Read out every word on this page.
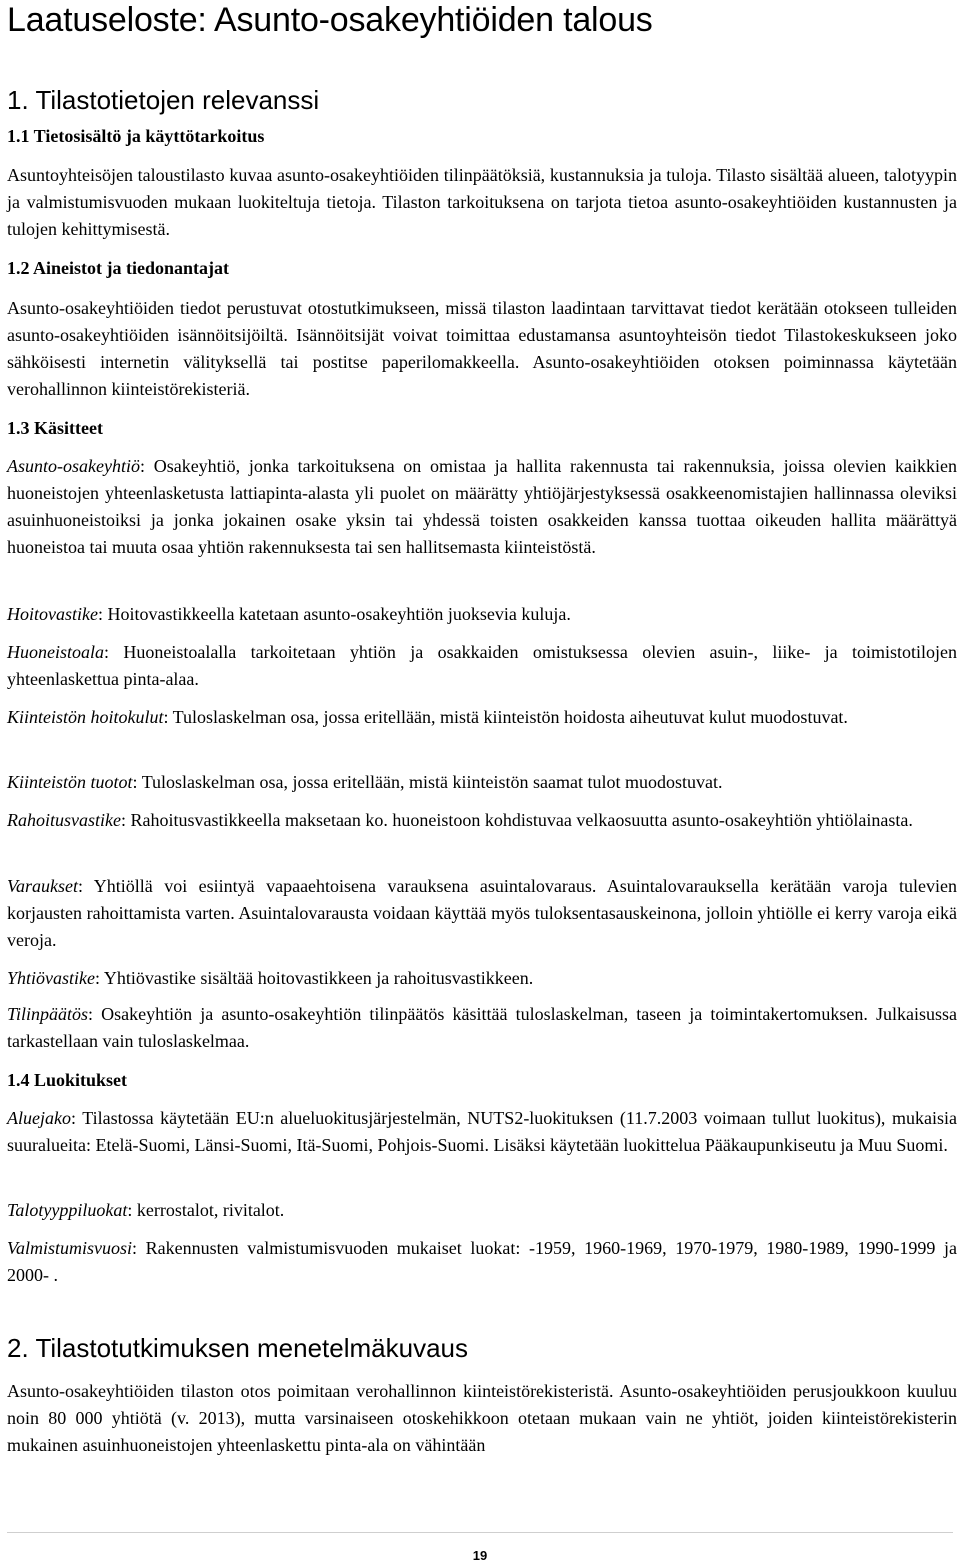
Laatuseloste: Asunto-osakeyhtiöiden talous
1. Tilastotietojen relevanssi
1.1 Tietosisältö ja käyttötarkoitus

Asuntoyhteisöjen taloustilasto kuvaa asunto-osakeyhtiöiden tilinpäätöksiä, kustannuksia ja tuloja. Tilasto sisältää alueen, talotyypin ja valmistumisvuoden mukaan luokiteltuja tietoja. Tilaston tarkoituksena on tarjota tietoa asunto-osakeyhtiöiden kustannusten ja tulojen kehittymisestä.

1.2 Aineistot ja tiedonantajat

Asunto-osakeyhtiöiden tiedot perustuvat otostutkimukseen, missä tilaston laadintaan tarvittavat tiedot kerätään otokseen tulleiden asunto-osakeyhtiöiden isännöitsijöiltä. Isännöitsijät voivat toimittaa edustamansa asuntoyhteisön tiedot Tilastokeskukseen joko sähköisesti internetin välityksellä tai postitse paperilomakkeella. Asunto-osakeyhtiöiden otoksen poiminnassa käytetään verohallinnon kiinteistörekisteriä.

1.3 Käsitteet

Asunto-osakeyhtiö: Osakeyhtiö, jonka tarkoituksena on omistaa ja hallita rakennusta tai rakennuksia, joissa olevien kaikkien huoneistojen yhteenlasketusta lattiapinta-alasta yli puolet on määrätty yhtiöjärjestyksessä osakkeenomistajien hallinnassa oleviksi asuinhuoneistoiksi ja jonka jokainen osake yksin tai yhdessä toisten osakkeiden kanssa tuottaa oikeuden hallita määrättyä huoneistoa tai muuta osaa yhtiön rakennuksesta tai sen hallitsemasta kiinteistöstä.

Hoitovastike: Hoitovastikkeella katetaan asunto-osakeyhtiön juoksevia kuluja.

Huoneistoala: Huoneistoalalla tarkoitetaan yhtiön ja osakkaiden omistuksessa olevien asuin-, liike- ja toimistotilojen yhteenlaskettua pinta-alaa.

Kiinteistön hoitokulut: Tuloslaskelman osa, jossa eritellään, mistä kiinteistön hoidosta aiheutuvat kulut muodostuvat.

Kiinteistön tuotot: Tuloslaskelman osa, jossa eritellään, mistä kiinteistön saamat tulot muodostuvat.

Rahoitusvastike: Rahoitusvastikkeella maksetaan ko. huoneistoon kohdistuvaa velkaosuutta asunto-osakeyhtiön yhtiölainasta.

Varaukset: Yhtiöllä voi esiintyä vapaaehtoisena varauksena asuintalovaraus. Asuintalovarauksella kerätään varoja tulevien korjausten rahoittamista varten. Asuintalovarausta voidaan käyttää myös tuloksentasauskeinona, jolloin yhtiölle ei kerry varoja eikä veroja.

Yhtiövastike: Yhtiövastike sisältää hoitovastikkeen ja rahoitusvastikkeen.

Tilinpäätös: Osakeyhtiön ja asunto-osakeyhtiön tilinpäätös käsittää tuloslaskelman, taseen ja toimintakertomuksen. Julkaisussa tarkastellaan vain tuloslaskelmaa.

1.4 Luokitukset

Aluejako: Tilastossa käytetään EU:n alueluokitusjärjestelmän, NUTS2-luokituksen (11.7.2003 voimaan tullut luokitus), mukaisia suuralueita: Etelä-Suomi, Länsi-Suomi, Itä-Suomi, Pohjois-Suomi. Lisäksi käytetään luokittelua Pääkaupunkiseutu ja Muu Suomi.

Talotyyppiluokat: kerrostalot, rivitalot.

Valmistumisvuosi: Rakennusten valmistumisvuoden mukaiset luokat: -1959, 1960-1969, 1970-1979, 1980-1989, 1990-1999 ja 2000- .

2. Tilastotutkimuksen menetelmäkuvaus

Asunto-osakeyhtiöiden tilaston otos poimitaan verohallinnon kiinteistörekisteristä. Asunto-osakeyhtiöiden perusjoukkoon kuuluu noin 80 000 yhtiötä (v. 2013), mutta varsinaiseen otoskehikkoon otetaan mukaan vain ne yhtiöt, joiden kiinteistörekisterin mukainen asuinhuoneistojen yhteenlaskettu pinta-ala on vähintään

19
